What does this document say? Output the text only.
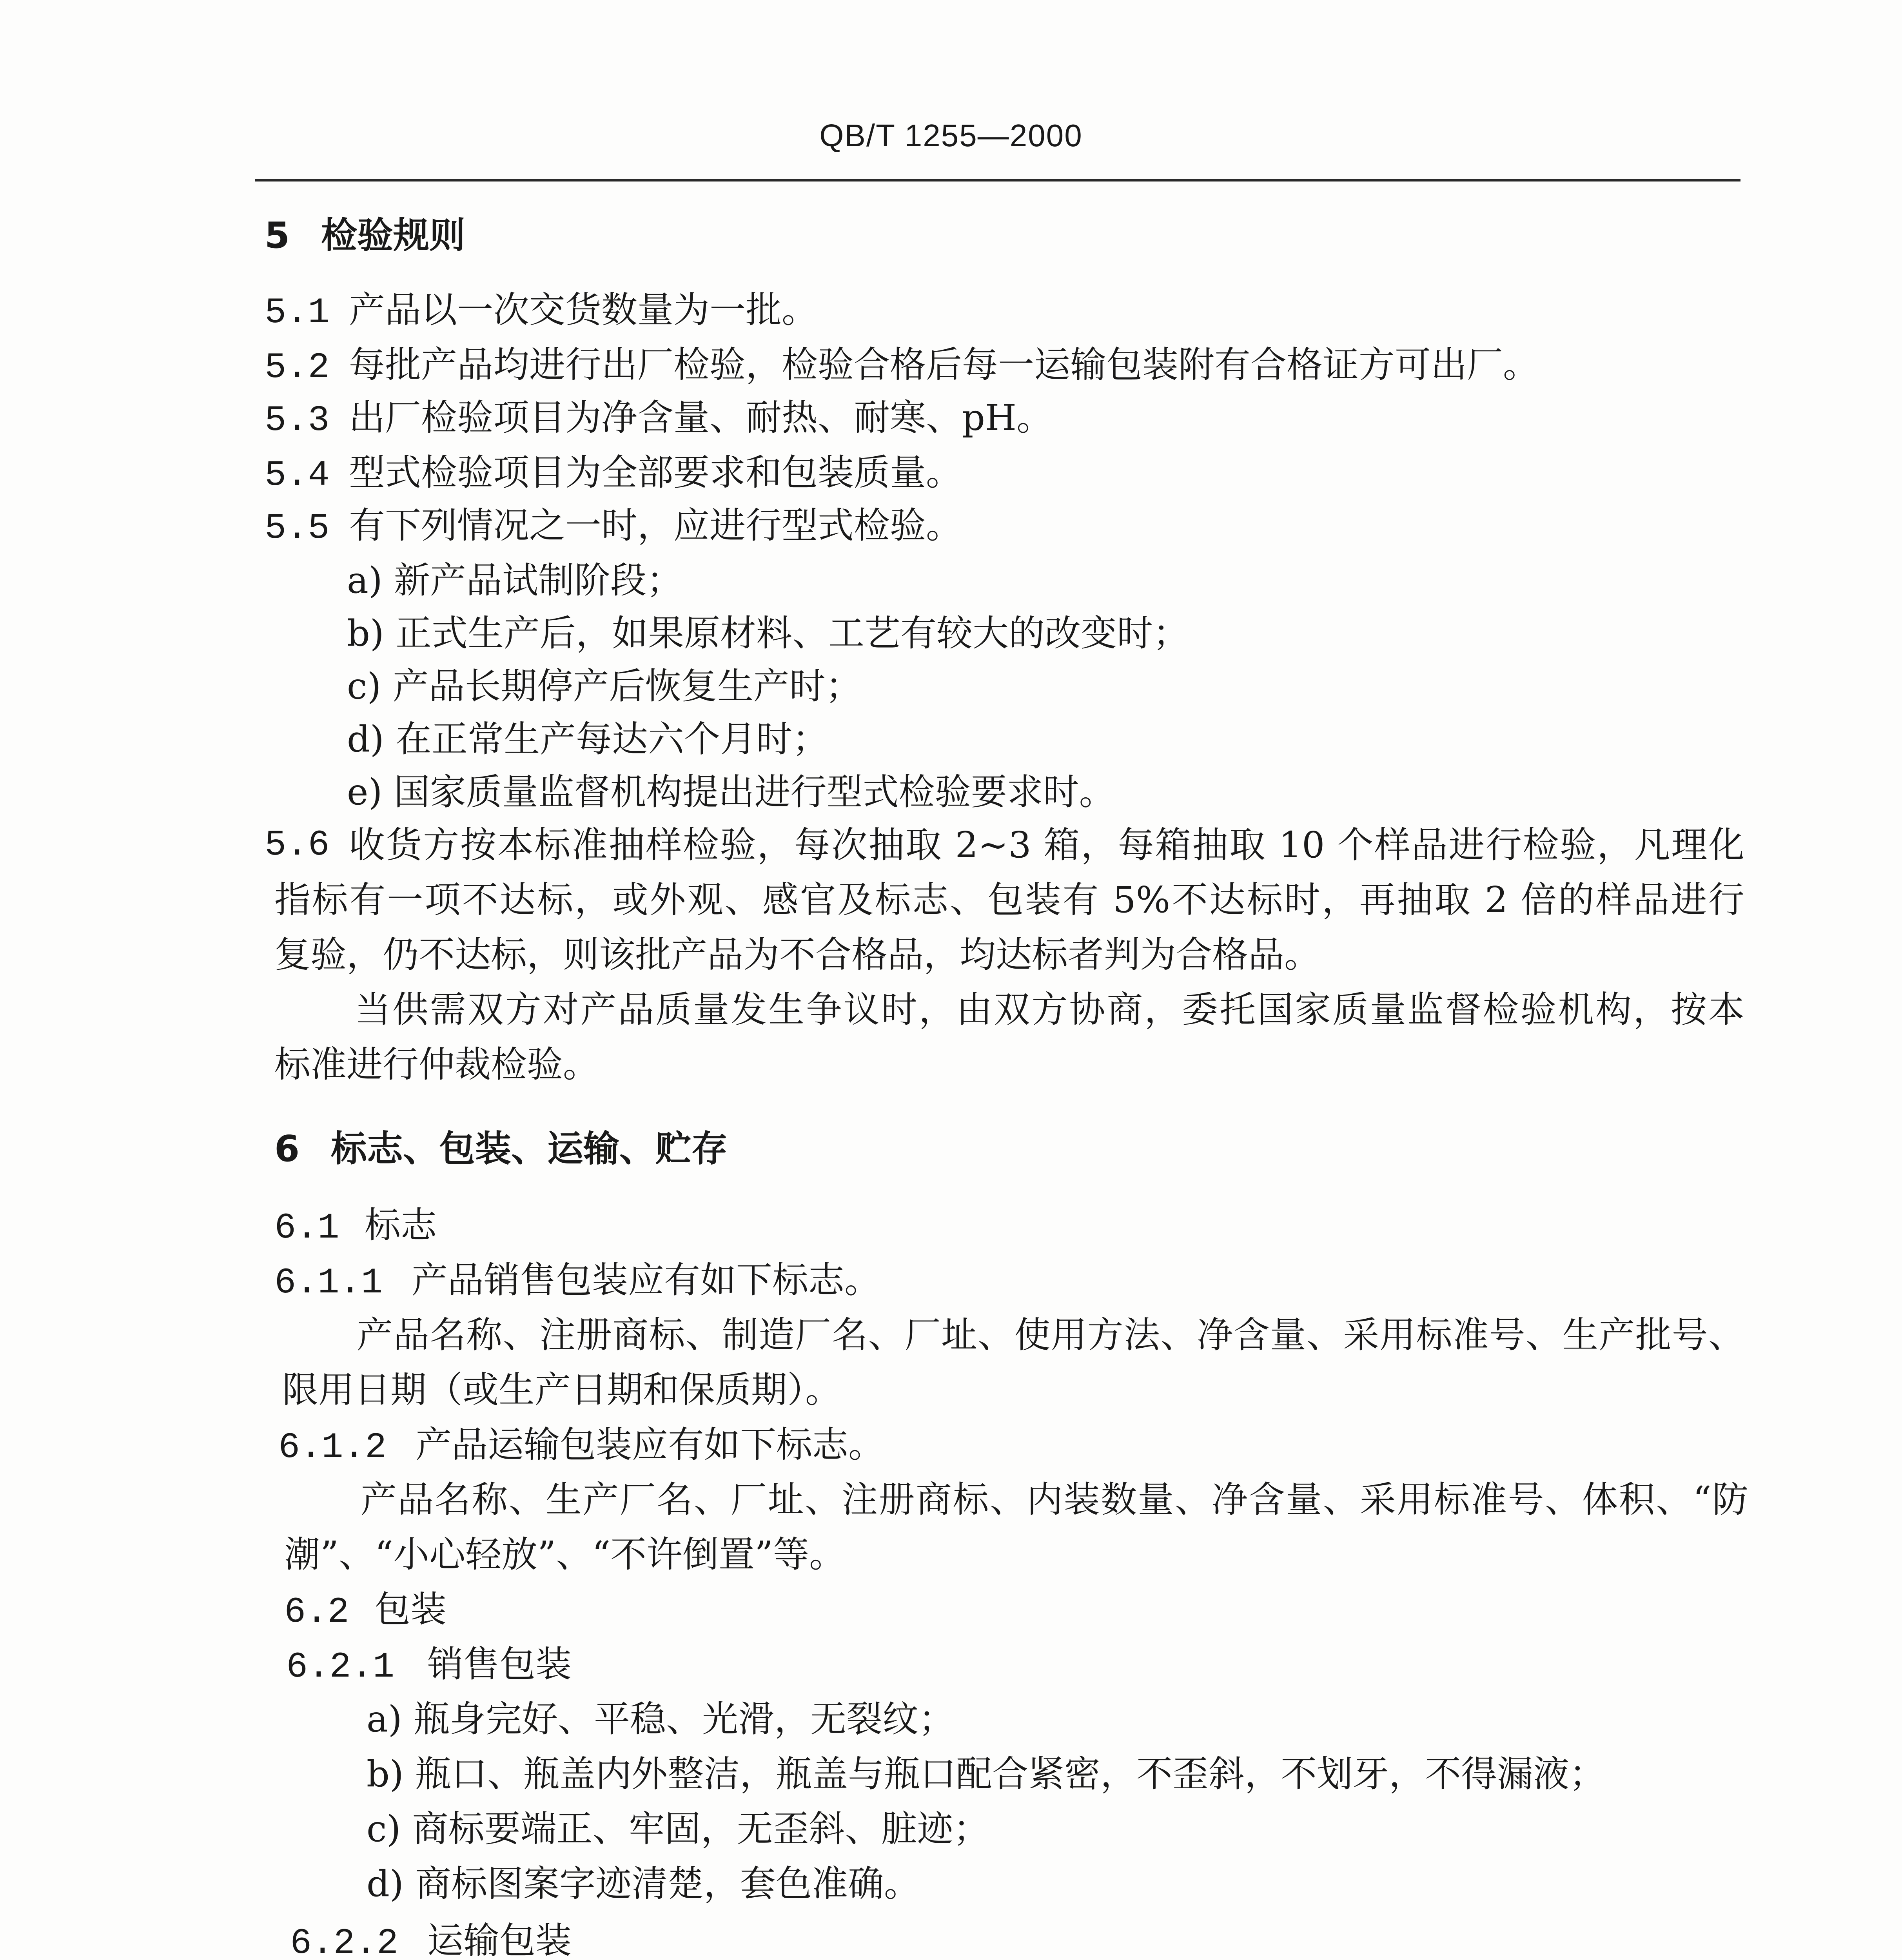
QB/T 1255—2000
5 检验规则
5.1 产品以一次交货数量为一批。
5.2 每批产品均进行出厂检验，检验合格后每一运输包装附有合格证方可出厂。
5.3 出厂检验项目为净含量、耐热、耐寒、pH。
5.4 型式检验项目为全部要求和包装质量。
5.5 有下列情况之一时，应进行型式检验。
a) 新产品试制阶段；
b) 正式生产后，如果原材料、工艺有较大的改变时；
c) 产品长期停产后恢复生产时；
d) 在正常生产每达六个月时；
e) 国家质量监督机构提出进行型式检验要求时。
5.6 收货方按本标准抽样检验，每次抽取 2~3 箱，每箱抽取 10 个样品进行检验，凡理化
指标有一项不达标，或外观、感官及标志、包装有 5%不达标时，再抽取 2 倍的样品进行
复验，仍不达标，则该批产品为不合格品，均达标者判为合格品。
当供需双方对产品质量发生争议时，由双方协商，委托国家质量监督检验机构，按本
标准进行仲裁检验。
6 标志、包装、运输、贮存
6.1 标志
6.1.1 产品销售包装应有如下标志。
产品名称、注册商标、制造厂名、厂址、使用方法、净含量、采用标准号、生产批号、
限用日期（或生产日期和保质期）。
6.1.2 产品运输包装应有如下标志。
产品名称、生产厂名、厂址、注册商标、内装数量、净含量、采用标准号、体积、“防
潮”、“小心轻放”、“不许倒置”等。
6.2 包装
6.2.1 销售包装
a) 瓶身完好、平稳、光滑，无裂纹；
b) 瓶口、瓶盖内外整洁，瓶盖与瓶口配合紧密，不歪斜，不划牙，不得漏液；
c) 商标要端正、牢固，无歪斜、脏迹；
d) 商标图案字迹清楚，套色准确。
6.2.2 运输包装
